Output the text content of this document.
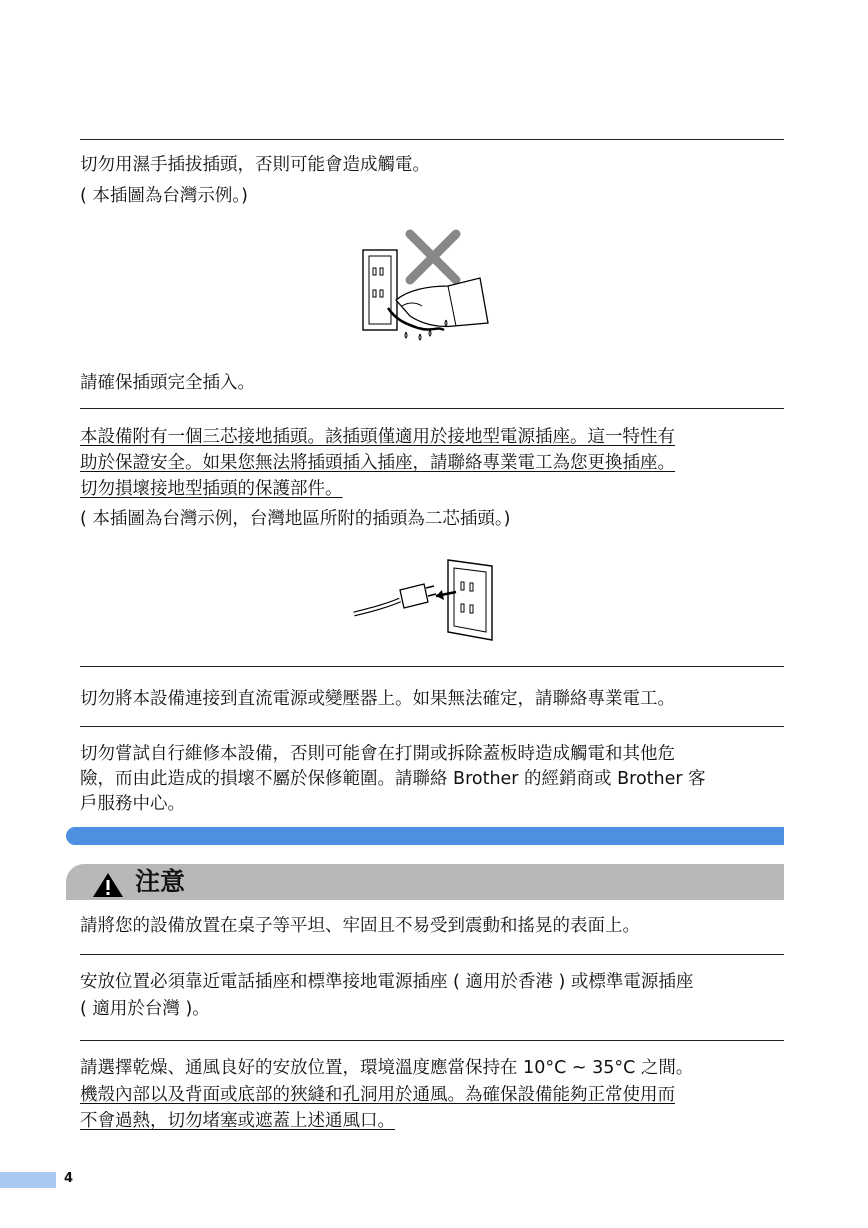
切勿用濕手插拔插頭，否則可能會造成觸電。
( 本插圖為台灣示例。)
請確保插頭完全插入。
本設備附有一個三芯接地插頭。該插頭僅適用於接地型電源插座。這一特性有
助於保證安全。如果您無法將插頭插入插座，請聯絡專業電工為您更換插座。
切勿損壞接地型插頭的保護部件。
( 本插圖為台灣示例，台灣地區所附的插頭為二芯插頭。)
切勿將本設備連接到直流電源或變壓器上。如果無法確定，請聯絡專業電工。
切勿嘗試自行維修本設備，否則可能會在打開或拆除蓋板時造成觸電和其他危
險，而由此造成的損壞不屬於保修範圍。請聯絡 Brother 的經銷商或 Brother 客
戶服務中心。
注意
請將您的設備放置在桌子等平坦、牢固且不易受到震動和搖晃的表面上。
安放位置必須靠近電話插座和標準接地電源插座 ( 適用於香港 ) 或標準電源插座
( 適用於台灣 )。
請選擇乾燥、通風良好的安放位置，環境溫度應當保持在 10°C ~ 35°C 之間。
機殼內部以及背面或底部的狹縫和孔洞用於通風。為確保設備能夠正常使用而
不會過熱，切勿堵塞或遮蓋上述通風口。
4
